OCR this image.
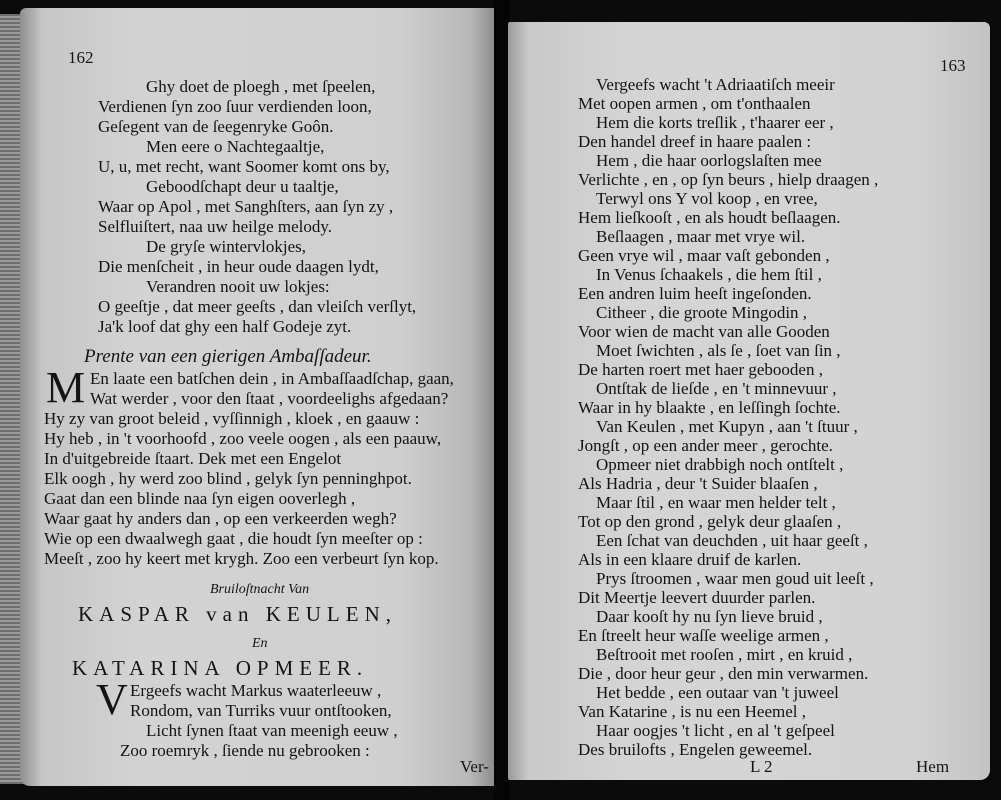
162
Ghy doet de ploegh , met ſpeelen,
Verdienen ſyn zoo ſuur verdienden loon,
Geſegent van de ſeegenryke Goôn.
Men eere o Nachtegaaltje,
U, u, met recht, want Soomer komt ons by,
Geboodſchapt deur u taaltje,
Waar op Apol , met Sanghſters, aan ſyn zy ,
Selfluiſtert, naa uw heilge melody.
De gryſe wintervlokjes,
Die menſcheit , in heur oude daagen lydt,
Verandren nooit uw lokjes:
O geeſtje , dat meer geeſts , dan vleiſch verſlyt,
Ja'k loof dat ghy een half Godeje zyt.
Prente van een gierigen Ambaſſadeur.
M En laate een batſchen dein , in Ambaſſaadſchap, gaan,
Wat werder , voor den ſtaat , voordeelighs afgedaan?
Hy zy van groot beleid , vyſſinnigh , kloek , en gaauw :
Hy heb , in 't voorhoofd , zoo veele oogen , als een paauw,
In d'uitgebreide ſtaart. Dek met een Engelot
Elk oogh , hy werd zoo blind , gelyk ſyn penninghpot.
Gaat dan een blinde naa ſyn eigen ooverlegh ,
Waar gaat hy anders dan , op een verkeerden wegh?
Wie op een dwaalwegh gaat , die houdt ſyn meeſter op :
Meeſt , zoo hy keert met krygh. Zoo een verbeurt ſyn kop.
Bruiloſtnacht Van
KASPAR van KEULEN,
En
KATARINA OPMEER.
V Ergeefs wacht Markus waaterleeuw ,
Rondom, van Turriks vuur ontſtooken,
Licht ſynen ſtaat van meenigh eeuw ,
Zoo roemryk , ſiende nu gebrooken :
Ver-
163
Vergeefs wacht 't Adriaatiſch meeir
Met oopen armen , om t'onthaalen
Hem die korts treſlik , t'haarer eer ,
Den handel dreef in haare paalen :
Hem , die haar oorlogslaſten mee
Verlichte , en , op ſyn beurs , hielp draagen ,
Terwyl ons Y vol koop , en vree,
Hem lieſkooſt , en als houdt beſlaagen.
Beſlaagen , maar met vrye wil.
Geen vrye wil , maar vaſt gebonden ,
In Venus ſchaakels , die hem ſtil ,
Een andren luim heeſt ingeſonden.
Citheer , die groote Mingodin ,
Voor wien de macht van alle Gooden
Moet ſwichten , als ſe , ſoet van ſin ,
De harten roert met haer gebooden ,
Ontſtak de lieſde , en 't minnevuur ,
Waar in hy blaakte , en leſſingh ſochte.
Van Keulen , met Kupyn , aan 't ſtuur ,
Jongſt , op een ander meer , gerochte.
Opmeer niet drabbigh noch ontſtelt ,
Als Hadria , deur 't Suider blaaſen ,
Maar ſtil , en waar men helder telt ,
Tot op den grond , gelyk deur glaaſen ,
Een ſchat van deuchden , uit haar geeſt ,
Als in een klaare druif de karlen.
Prys ſtroomen , waar men goud uit leeſt ,
Dit Meertje leevert duurder parlen.
Daar kooſt hy nu ſyn lieve bruid ,
En ſtreelt heur waſſe weelige armen ,
Beſtrooit met rooſen , mirt , en kruid ,
Die , door heur geur , den min verwarmen.
Het bedde , een outaar van 't juweel
Van Katarine , is nu een Heemel ,
Haar oogjes 't licht , en al 't geſpeel
Des bruilofts , Engelen geweemel.
L 2	Hem
